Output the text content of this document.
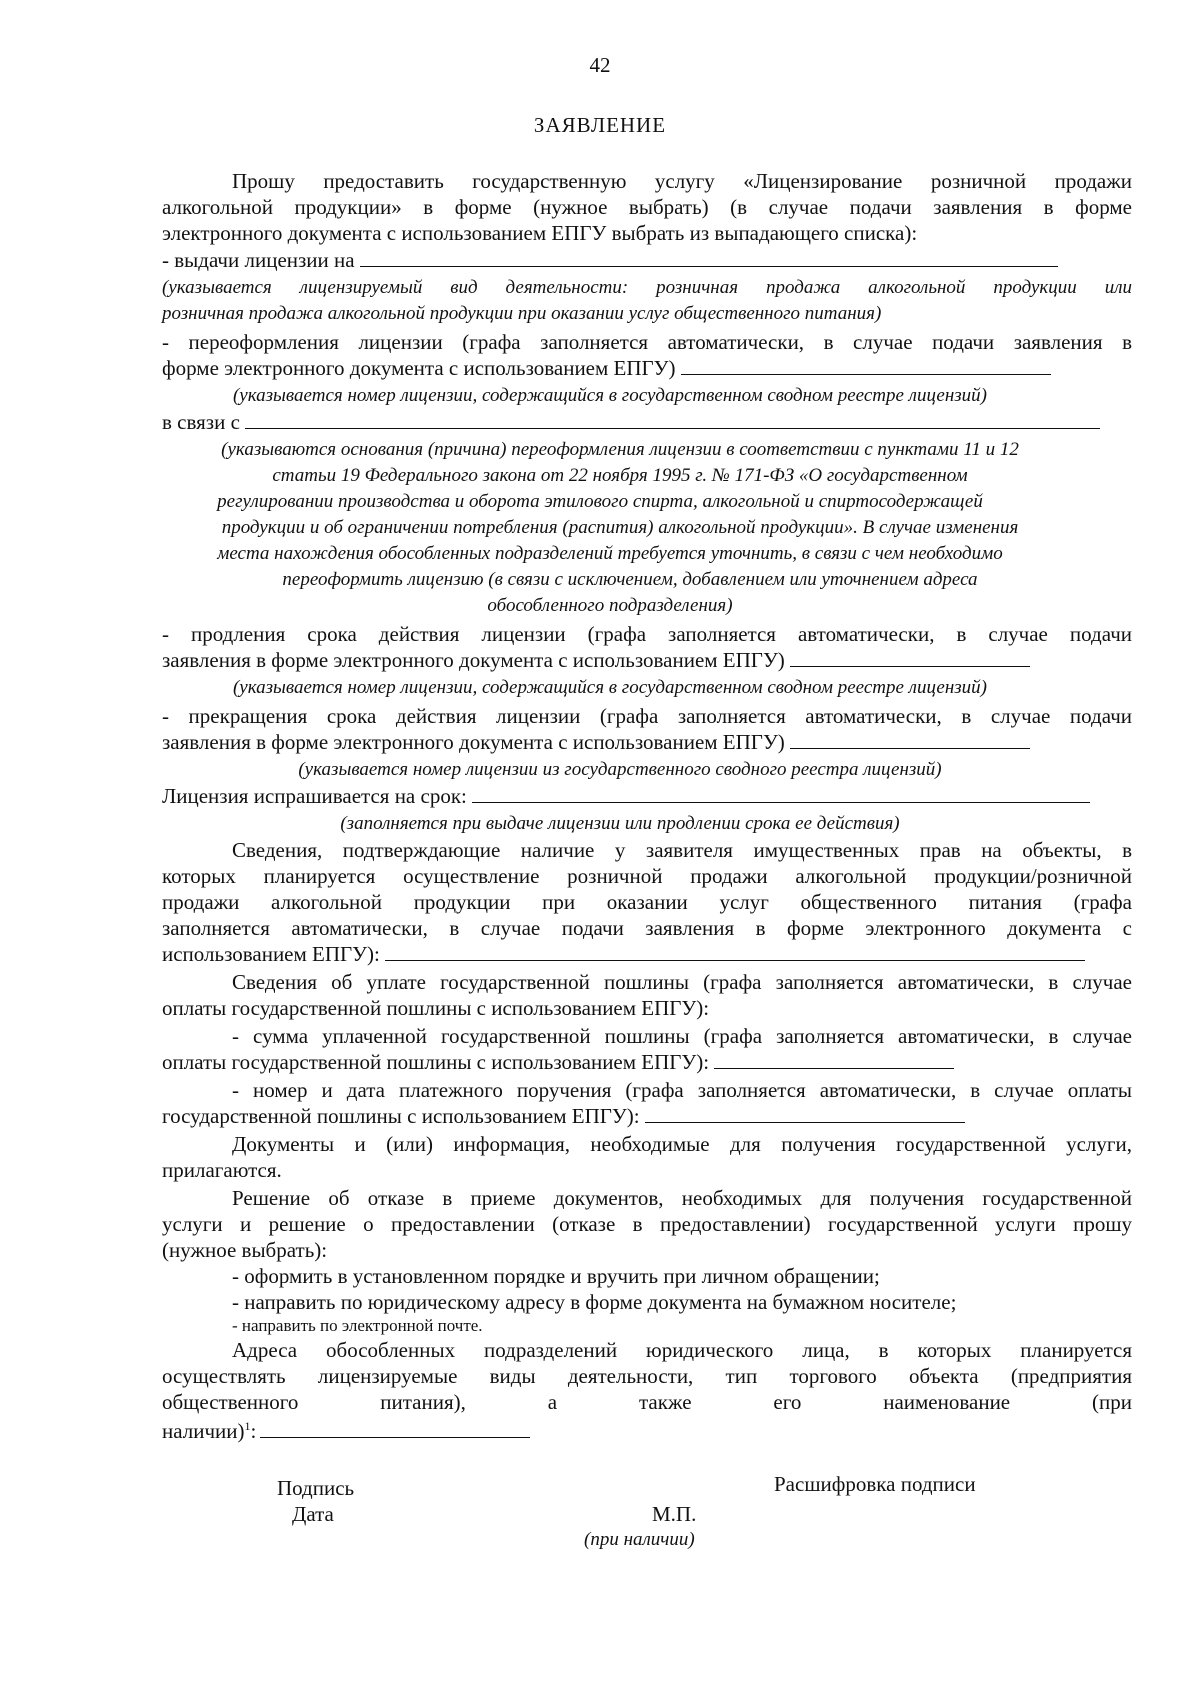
42
ЗАЯВЛЕНИЕ
Прошу предоставить государственную услугу «Лицензирование розничной продажи
алкогольной продукции» в форме (нужное выбрать) (в случае подачи заявления в форме
электронного документа с использованием ЕПГУ выбрать из выпадающего списка):
- выдачи лицензии на
(указывается лицензируемый вид деятельности: розничная продажа алкогольной продукции или
розничная продажа алкогольной продукции при оказании услуг общественного питания)
- переоформления лицензии (графа заполняется автоматически, в случае подачи заявления в
форме электронного документа с использованием ЕПГУ)
(указывается номер лицензии, содержащийся в государственном сводном реестре лицензий)
в связи с
(указываются основания (причина) переоформления лицензии в соответствии с пунктами 11 и 12
статьи 19 Федерального закона от 22 ноября 1995 г. № 171-ФЗ «О государственном
регулировании производства и оборота этилового спирта, алкогольной и спиртосодержащей
продукции и об ограничении потребления (распития) алкогольной продукции». В случае изменения
места нахождения обособленных подразделений требуется уточнить, в связи с чем необходимо
переоформить лицензию (в связи с исключением, добавлением или уточнением адреса
обособленного подразделения)
- продления срока действия лицензии (графа заполняется автоматически, в случае подачи
заявления в форме электронного документа с использованием ЕПГУ)
(указывается номер лицензии, содержащийся в государственном сводном реестре лицензий)
- прекращения срока действия лицензии (графа заполняется автоматически, в случае подачи
заявления в форме электронного документа с использованием ЕПГУ)
(указывается номер лицензии из государственного сводного реестра лицензий)
Лицензия испрашивается на срок:
(заполняется при выдаче лицензии или продлении срока ее действия)
Сведения, подтверждающие наличие у заявителя имущественных прав на объекты, в
которых планируется осуществление розничной продажи алкогольной продукции/розничной
продажи алкогольной продукции при оказании услуг общественного питания (графа
заполняется автоматически, в случае подачи заявления в форме электронного документа с
использованием ЕПГУ):
Сведения об уплате государственной пошлины (графа заполняется автоматически, в случае
оплаты государственной пошлины с использованием ЕПГУ):
- сумма уплаченной государственной пошлины (графа заполняется автоматически, в случае
оплаты государственной пошлины с использованием ЕПГУ):
- номер и дата платежного поручения (графа заполняется автоматически, в случае оплаты
государственной пошлины с использованием ЕПГУ):
Документы и (или) информация, необходимые для получения государственной услуги,
прилагаются.
Решение об отказе в приеме документов, необходимых для получения государственной
услуги и решение о предоставлении (отказе в предоставлении) государственной услуги прошу
(нужное выбрать):
- оформить в установленном порядке и вручить при личном обращении;
- направить по юридическому адресу в форме документа на бумажном носителе;
- направить по электронной почте.
Адреса обособленных подразделений юридического лица, в которых планируется
осуществлять лицензируемые виды деятельности, тип торгового объекта (предприятия
общественного питания), а также его наименование (при
наличии)$^1$:
Подпись	Расшифровка подписи
Дата	М.П.
(при наличии)
